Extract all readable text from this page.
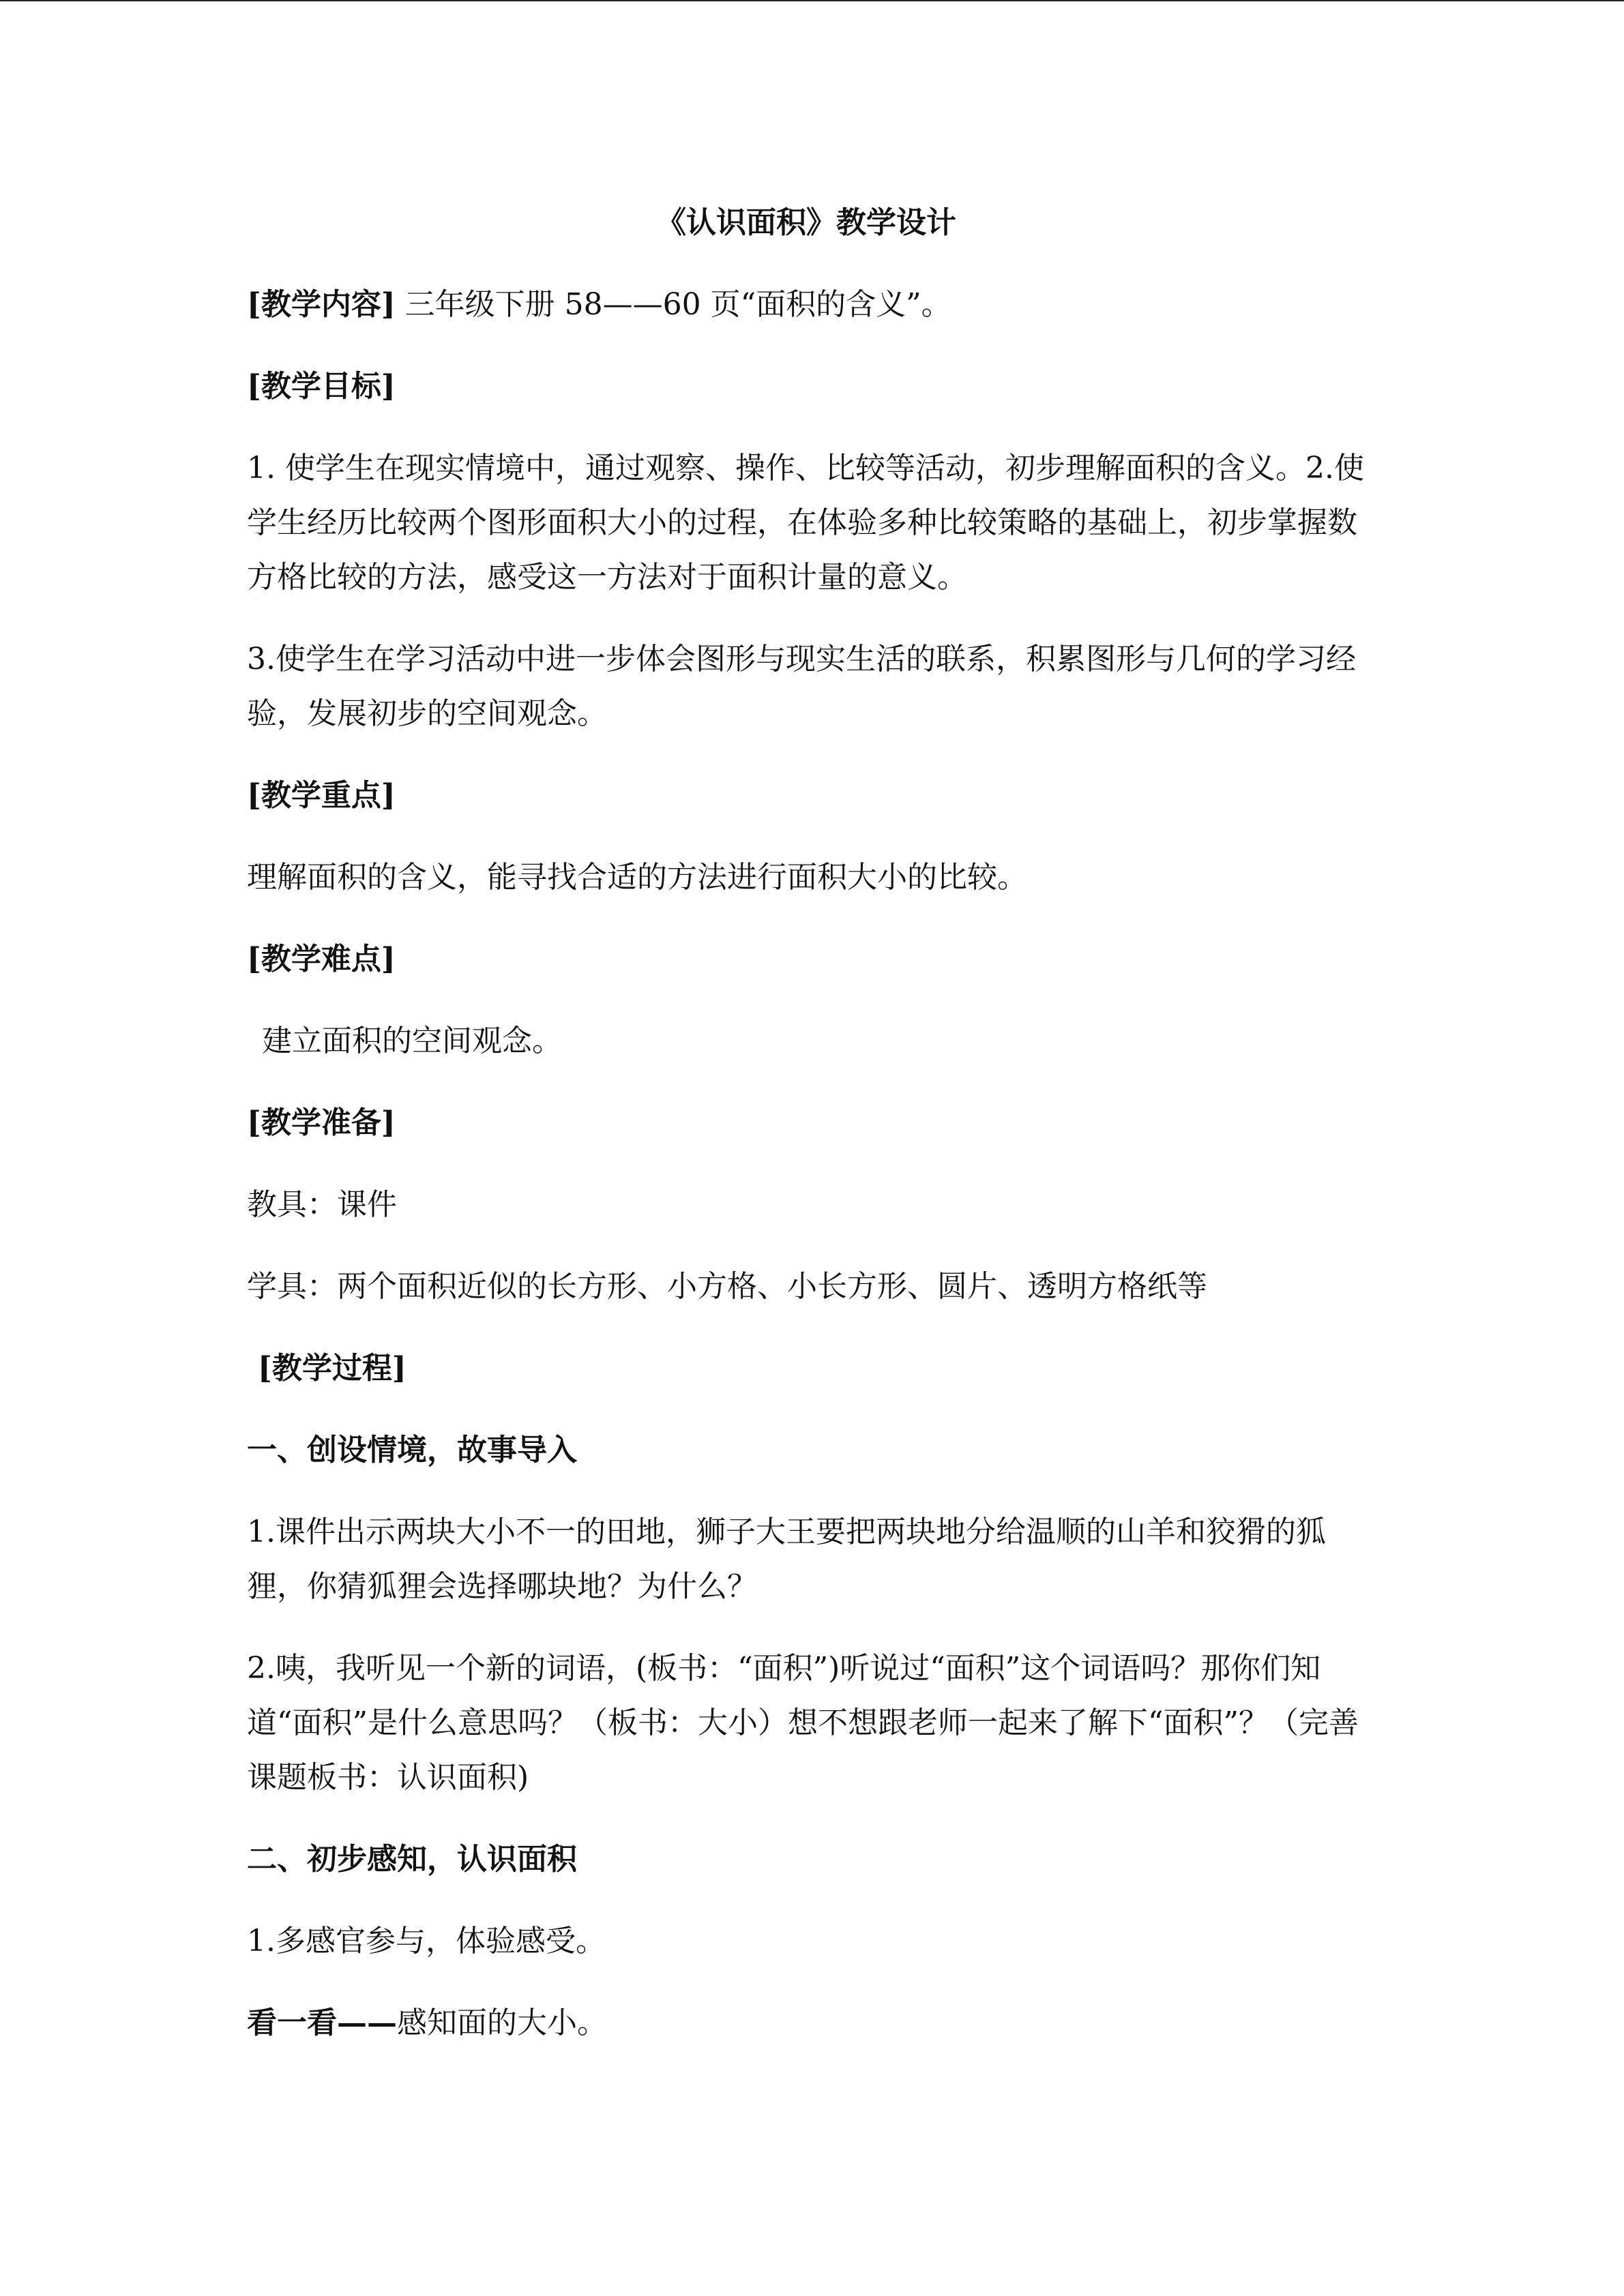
《认识面积》教学设计

[教学内容] 三年级下册 58——60 页“面积的含义”。

[教学目标]

1. 使学生在现实情境中，通过观察、操作、比较等活动，初步理解面积的含义。2.使学生经历比较两个图形面积大小的过程，在体验多种比较策略的基础上，初步掌握数方格比较的方法，感受这一方法对于面积计量的意义。

3.使学生在学习活动中进一步体会图形与现实生活的联系，积累图形与几何的学习经验，发展初步的空间观念。

[教学重点]

理解面积的含义，能寻找合适的方法进行面积大小的比较。

[教学难点]

建立面积的空间观念。

[教学准备]

教具：课件

学具：两个面积近似的长方形、小方格、小长方形、圆片、透明方格纸等

[教学过程]

一、创设情境，故事导入

1.课件出示两块大小不一的田地，狮子大王要把两块地分给温顺的山羊和狡猾的狐狸，你猜狐狸会选择哪块地？为什么？

2.咦，我听见一个新的词语，(板书：“面积”)听说过“面积”这个词语吗？那你们知道“面积”是什么意思吗？（板书：大小）想不想跟老师一起来了解下“面积”？（完善课题板书：认识面积)

二、初步感知，认识面积

1.多感官参与，体验感受。

看一看——感知面的大小。
